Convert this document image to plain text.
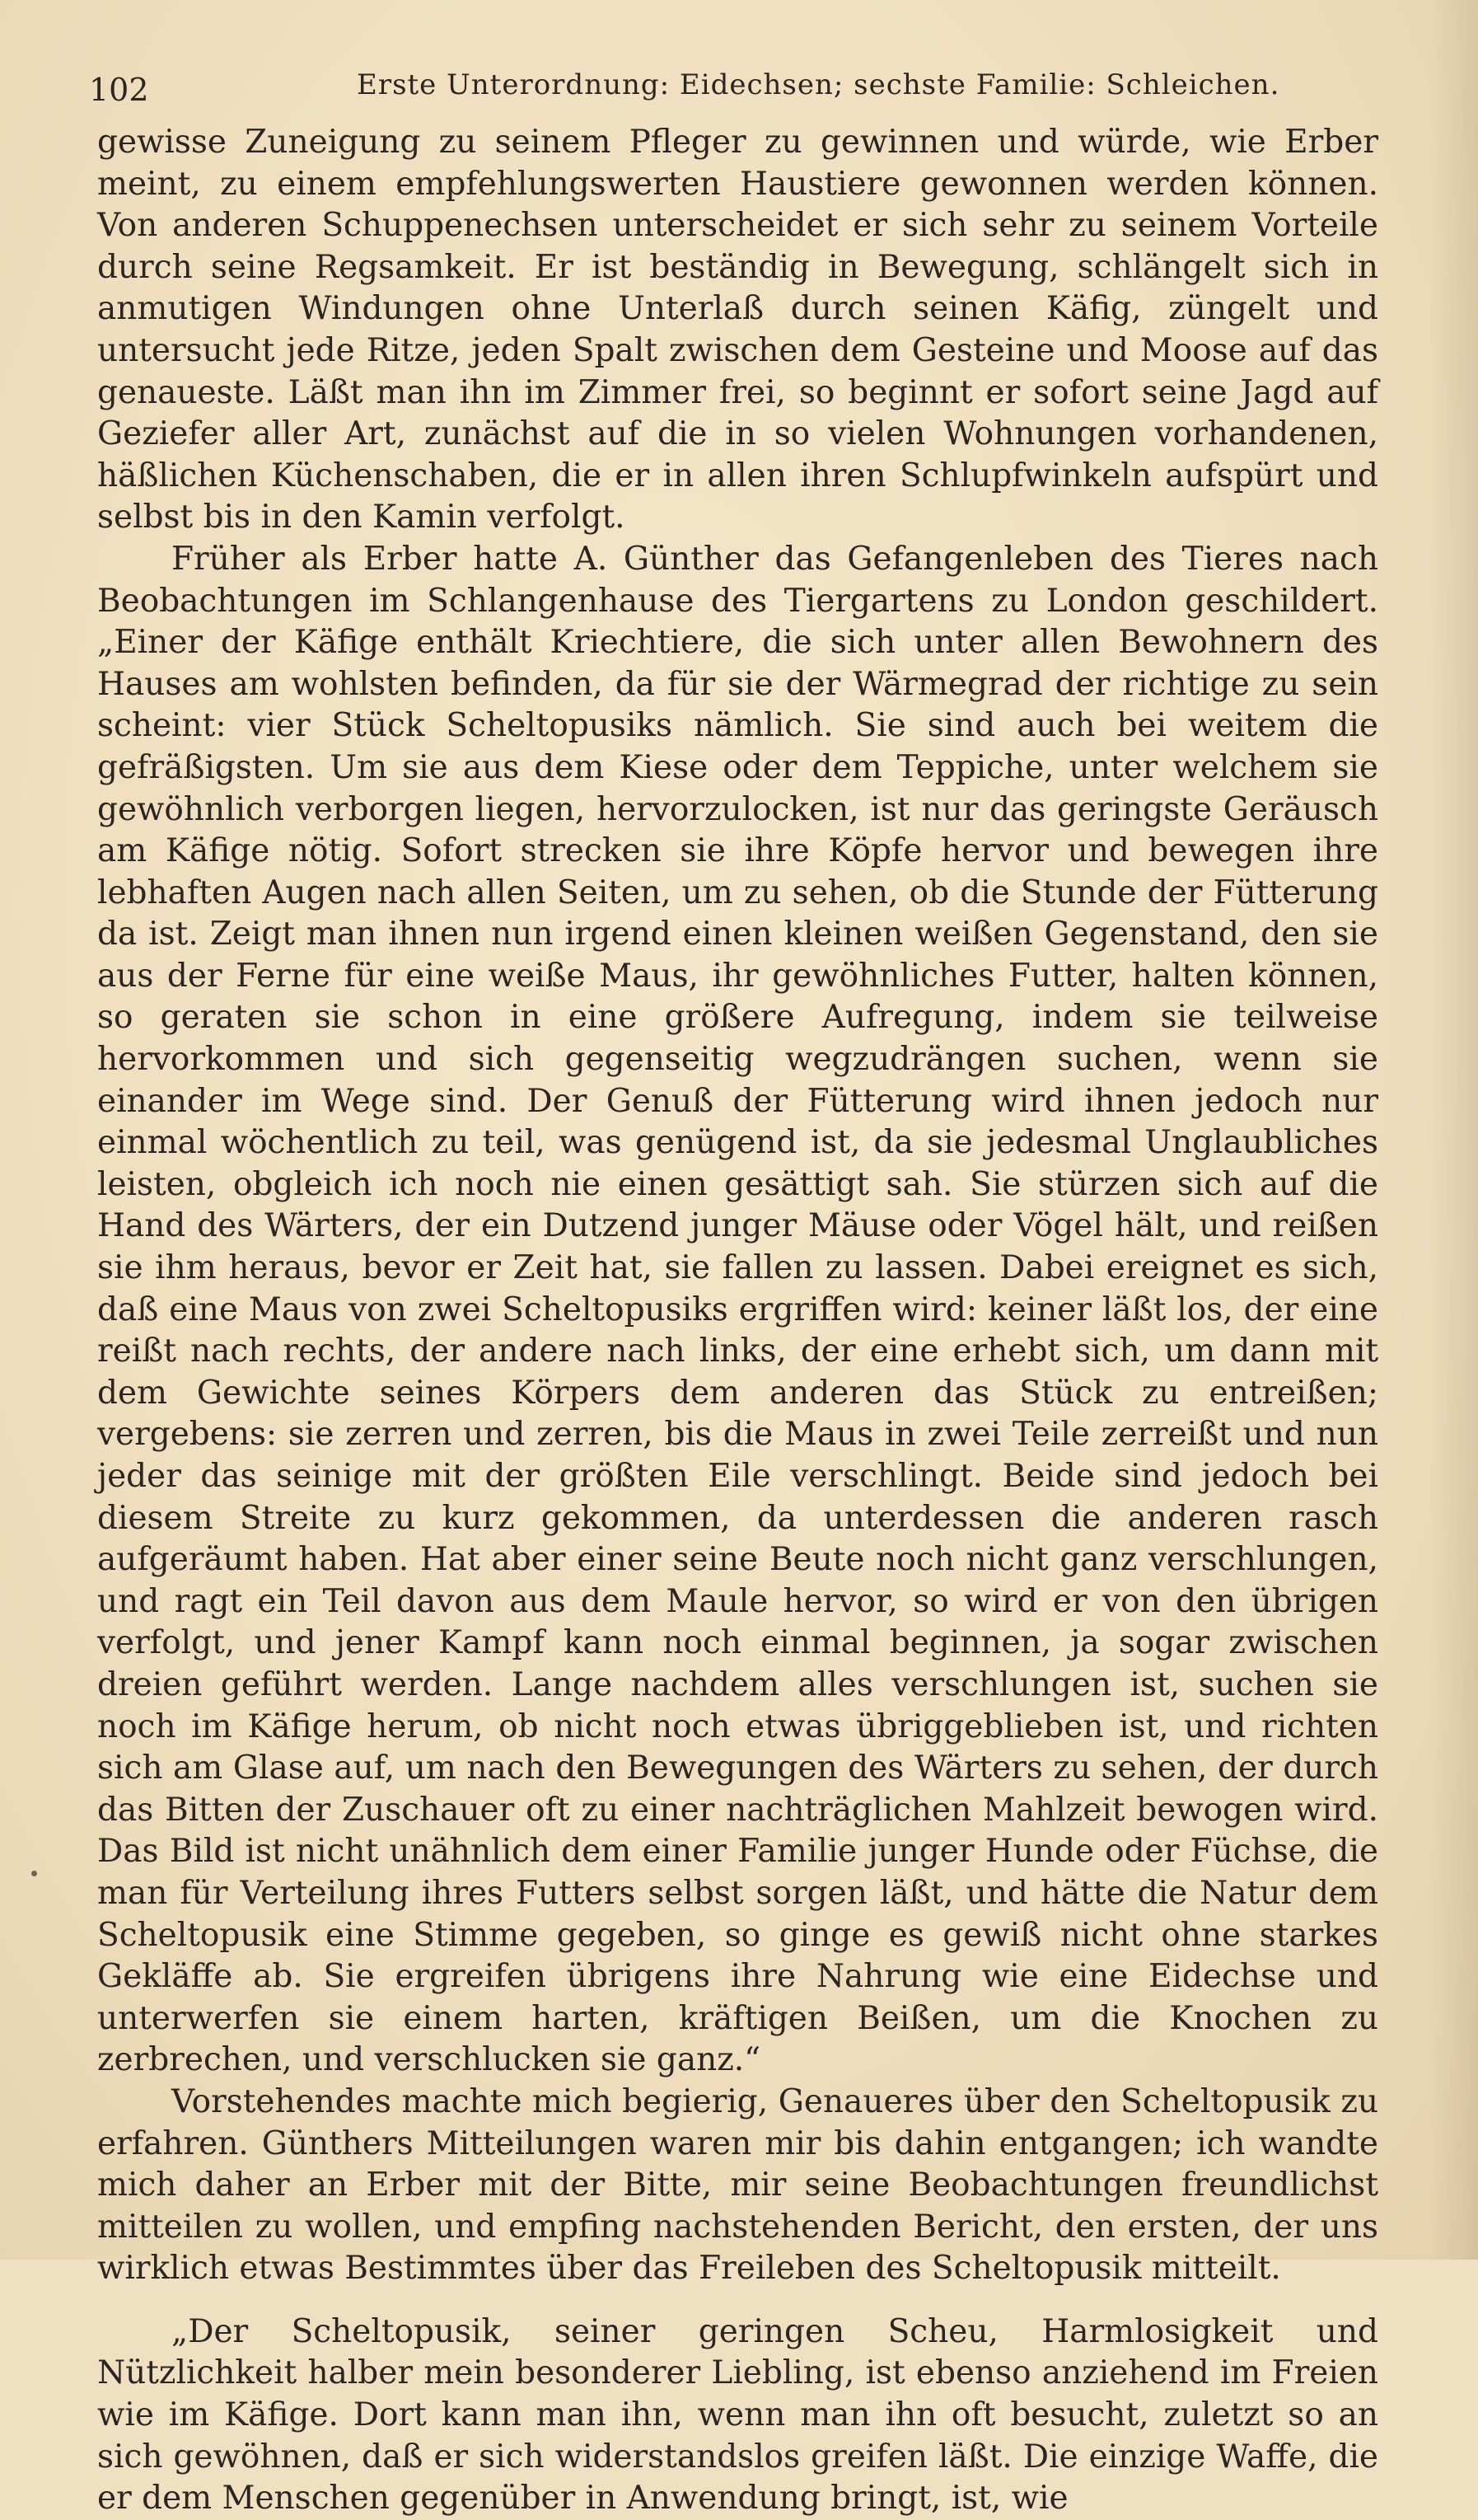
102	Erste Unterordnung: Eidechsen; sechste Familie: Schleichen.

gewisse Zuneigung zu seinem Pfleger zu gewinnen und würde, wie Erber meint, zu einem empfehlungswerten Haustiere gewonnen werden können. Von anderen Schuppenechsen unterscheidet er sich sehr zu seinem Vorteile durch seine Regsamkeit. Er ist beständig in Bewegung, schlängelt sich in anmutigen Windungen ohne Unterlaß durch seinen Käfig, züngelt und untersucht jede Ritze, jeden Spalt zwischen dem Gesteine und Moose auf das genaueste. Läßt man ihn im Zimmer frei, so beginnt er sofort seine Jagd auf Geziefer aller Art, zunächst auf die in so vielen Wohnungen vorhandenen, häßlichen Küchenschaben, die er in allen ihren Schlupfwinkeln aufspürt und selbst bis in den Kamin verfolgt.

Früher als Erber hatte A. Günther das Gefangenleben des Tieres nach Beobachtungen im Schlangenhause des Tiergartens zu London geschildert. „Einer der Käfige enthält Kriechtiere, die sich unter allen Bewohnern des Hauses am wohlsten befinden, da für sie der Wärmegrad der richtige zu sein scheint: vier Stück Scheltopusiks nämlich. Sie sind auch bei weitem die gefräßigsten. Um sie aus dem Kiese oder dem Teppiche, unter welchem sie gewöhnlich verborgen liegen, hervorzulocken, ist nur das geringste Geräusch am Käfige nötig. Sofort strecken sie ihre Köpfe hervor und bewegen ihre lebhaften Augen nach allen Seiten, um zu sehen, ob die Stunde der Fütterung da ist. Zeigt man ihnen nun irgend einen kleinen weißen Gegenstand, den sie aus der Ferne für eine weiße Maus, ihr gewöhnliches Futter, halten können, so geraten sie schon in eine größere Aufregung, indem sie teilweise hervorkommen und sich gegenseitig wegzudrängen suchen, wenn sie einander im Wege sind. Der Genuß der Fütterung wird ihnen jedoch nur einmal wöchentlich zu teil, was genügend ist, da sie jedesmal Unglaubliches leisten, obgleich ich noch nie einen gesättigt sah. Sie stürzen sich auf die Hand des Wärters, der ein Dutzend junger Mäuse oder Vögel hält, und reißen sie ihm heraus, bevor er Zeit hat, sie fallen zu lassen. Dabei ereignet es sich, daß eine Maus von zwei Scheltopusiks ergriffen wird: keiner läßt los, der eine reißt nach rechts, der andere nach links, der eine erhebt sich, um dann mit dem Gewichte seines Körpers dem anderen das Stück zu entreißen; vergebens: sie zerren und zerren, bis die Maus in zwei Teile zerreißt und nun jeder das seinige mit der größten Eile verschlingt. Beide sind jedoch bei diesem Streite zu kurz gekommen, da unterdessen die anderen rasch aufgeräumt haben. Hat aber einer seine Beute noch nicht ganz verschlungen, und ragt ein Teil davon aus dem Maule hervor, so wird er von den übrigen verfolgt, und jener Kampf kann noch einmal beginnen, ja sogar zwischen dreien geführt werden. Lange nachdem alles verschlungen ist, suchen sie noch im Käfige herum, ob nicht noch etwas übriggeblieben ist, und richten sich am Glase auf, um nach den Bewegungen des Wärters zu sehen, der durch das Bitten der Zuschauer oft zu einer nachträglichen Mahlzeit bewogen wird. Das Bild ist nicht unähnlich dem einer Familie junger Hunde oder Füchse, die man für Verteilung ihres Futters selbst sorgen läßt, und hätte die Natur dem Scheltopusik eine Stimme gegeben, so ginge es gewiß nicht ohne starkes Gekläffe ab. Sie ergreifen übrigens ihre Nahrung wie eine Eidechse und unterwerfen sie einem harten, kräftigen Beißen, um die Knochen zu zerbrechen, und verschlucken sie ganz.“

Vorstehendes machte mich begierig, Genaueres über den Scheltopusik zu erfahren. Günthers Mitteilungen waren mir bis dahin entgangen; ich wandte mich daher an Erber mit der Bitte, mir seine Beobachtungen freundlichst mitteilen zu wollen, und empfing nachstehenden Bericht, den ersten, der uns wirklich etwas Bestimmtes über das Freileben des Scheltopusik mitteilt.

„Der Scheltopusik, seiner geringen Scheu, Harmlosigkeit und Nützlichkeit halber mein besonderer Liebling, ist ebenso anziehend im Freien wie im Käfige. Dort kann man ihn, wenn man ihn oft besucht, zuletzt so an sich gewöhnen, daß er sich widerstandslos greifen läßt. Die einzige Waffe, die er dem Menschen gegenüber in Anwendung bringt, ist, wie
